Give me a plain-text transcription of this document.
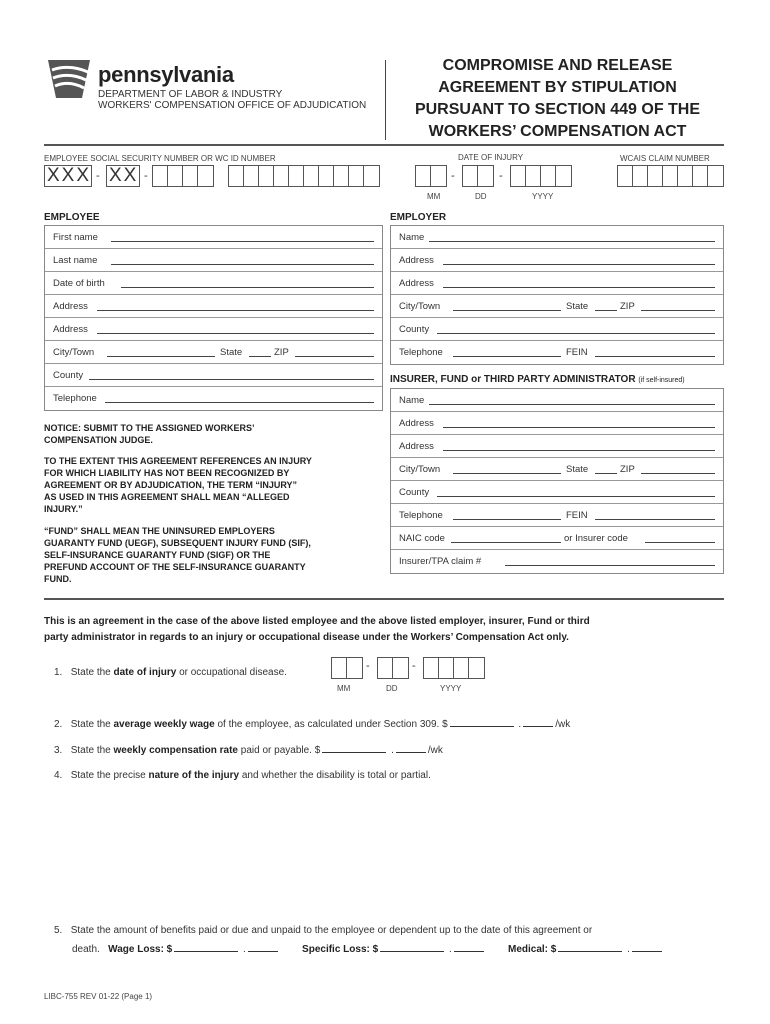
pennsylvania
DEPARTMENT OF LABOR & INDUSTRY
WORKERS' COMPENSATION OFFICE OF ADJUDICATION
COMPROMISE AND RELEASE
AGREEMENT BY STIPULATION
PURSUANT TO SECTION 449 OF THE
WORKERS’ COMPENSATION ACT
EMPLOYEE SOCIAL SECURITY NUMBER OR WC ID NUMBER
XXX - XX -
DATE OF INJURY
-	-
MM	DD	YYYY
WCAIS CLAIM NUMBER
EMPLOYEE
First name
Last name
Date of birth
Address
Address
City/Town	State	ZIP
County
Telephone
EMPLOYER
Name
Address
Address
City/Town	State	ZIP
County
Telephone	FEIN
INSURER, FUND or THIRD PARTY ADMINISTRATOR (if self-insured)
Name
Address
Address
City/Town	State	ZIP
County
Telephone	FEIN
NAIC code	or Insurer code
Insurer/TPA claim #
NOTICE: SUBMIT TO THE ASSIGNED WORKERS’
COMPENSATION JUDGE.
TO THE EXTENT THIS AGREEMENT REFERENCES AN INJURY
FOR WHICH LIABILITY HAS NOT BEEN RECOGNIZED BY
AGREEMENT OR BY ADJUDICATION, THE TERM “INJURY”
AS USED IN THIS AGREEMENT SHALL MEAN “ALLEGED
INJURY.”
“FUND” SHALL MEAN THE UNINSURED EMPLOYERS
GUARANTY FUND (UEGF), SUBSEQUENT INJURY FUND (SIF),
SELF-INSURANCE GUARANTY FUND (SIGF) OR THE
PREFUND ACCOUNT OF THE SELF-INSURANCE GUARANTY
FUND.
This is an agreement in the case of the above listed employee and the above listed employer, insurer, Fund or third
party administrator in regards to an injury or occupational disease under the Workers’ Compensation Act only.
1. State the date of injury or occupational disease.
-	-
MM	DD	YYYY
2. State the average weekly wage of the employee, as calculated under Section 309. $	.	/wk
3. State the weekly compensation rate paid or payable. $	.	/wk
4. State the precise nature of the injury and whether the disability is total or partial.
5. State the amount of benefits paid or due and unpaid to the employee or dependent up to the date of this agreement or
death. Wage Loss: $	.	Specific Loss: $	.	Medical: $	.
LIBC-755 REV 01-22 (Page 1)
